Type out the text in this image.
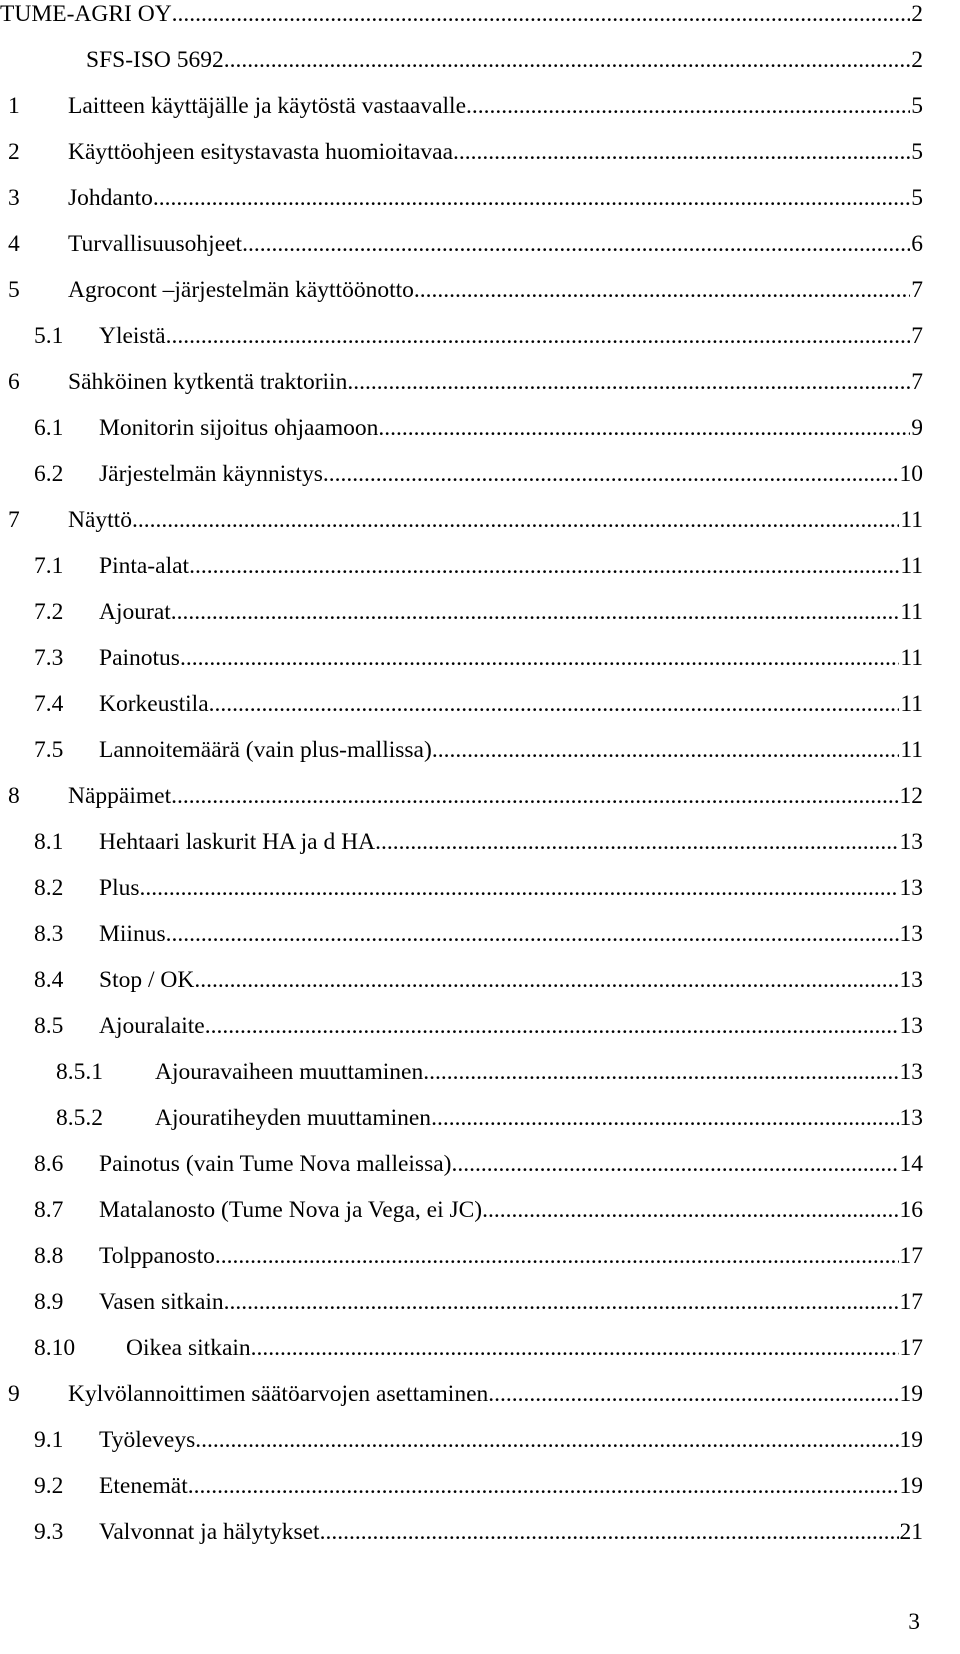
TUME-AGRI OY .....	2
SFS-ISO 5692 .....	2
1 Laitteen käyttäjälle ja käytöstä vastaavalle .....	5
2 Käyttöohjeen esitystavasta huomioitavaa .....	5
3 Johdanto .....	5
4 Turvallisuusohjeet .....	6
5 Agrocont –järjestelmän käyttöönotto .....	7
5.1 Yleistä .....	7
6 Sähköinen kytkentä traktoriin .....	7
6.1 Monitorin sijoitus ohjaamoon .....	9
6.2 Järjestelmän käynnistys .....	10
7 Näyttö .....	11
7.1 Pinta-alat .....	11
7.2 Ajourat .....	11
7.3 Painotus .....	11
7.4 Korkeustila .....	11
7.5 Lannoitemäärä (vain plus-mallissa) .....	11
8 Näppäimet .....	12
8.1 Hehtaari laskurit HA ja d HA .....	13
8.2 Plus .....	13
8.3 Miinus .....	13
8.4 Stop / OK .....	13
8.5 Ajouralaite .....	13
8.5.1 Ajouravaiheen muuttaminen .....	13
8.5.2 Ajouratiheyden muuttaminen .....	13
8.6 Painotus (vain Tume Nova malleissa) .....	14
8.7 Matalanosto (Tume Nova ja Vega, ei JC) .....	16
8.8 Tolppanosto .....	17
8.9 Vasen sitkain .....	17
8.10 Oikea sitkain .....	17
9 Kylvölannoittimen säätöarvojen asettaminen .....	19
9.1 Työleveys .....	19
9.2 Etenemät .....	19
9.3 Valvonnat ja hälytykset .....	21
3
